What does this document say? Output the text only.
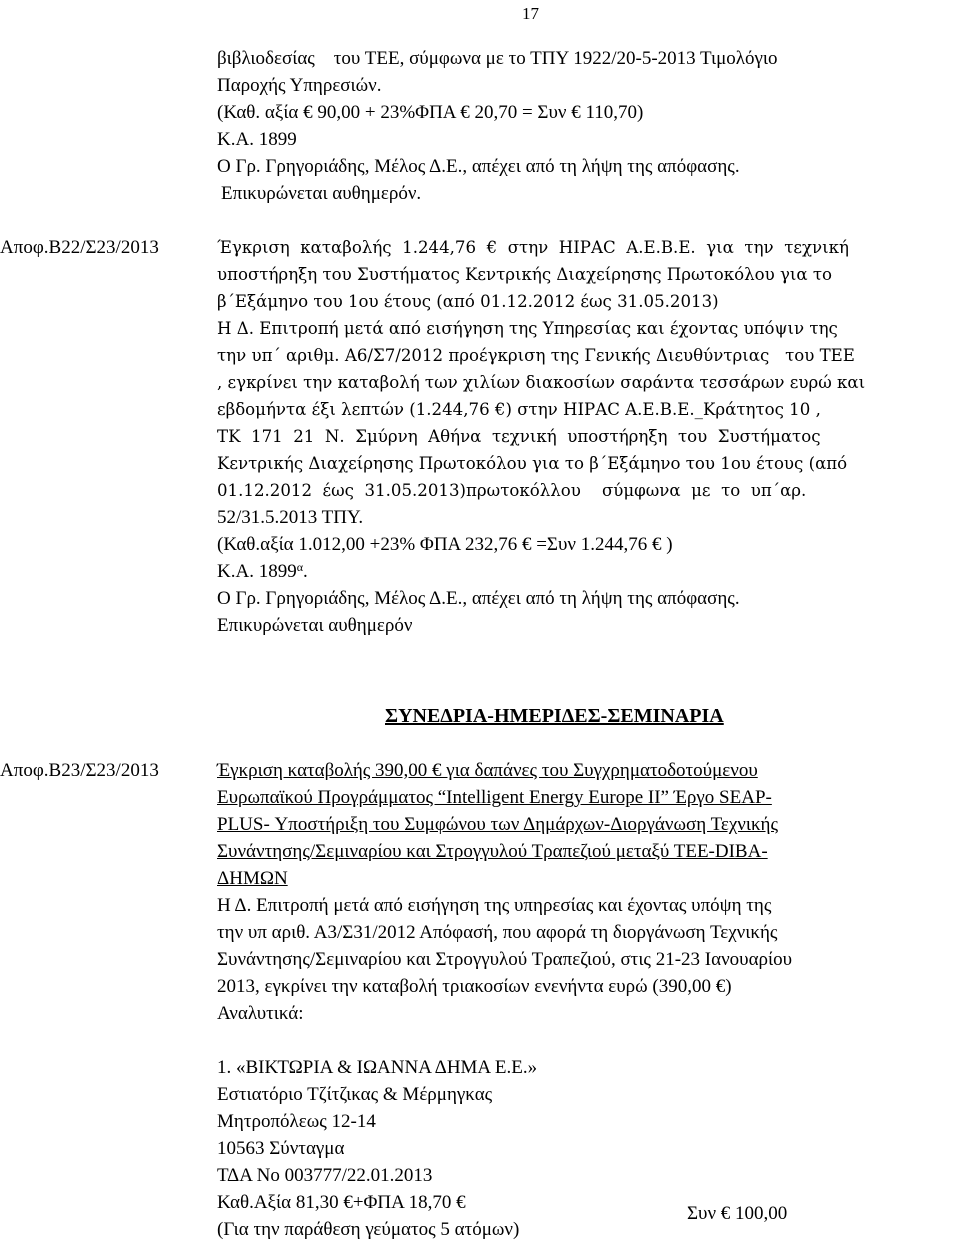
17
βιβλιοδεσίας    του ΤΕΕ, σύμφωνα με το ΤΠΥ 1922/20-5-2013 Τιμολόγιο
Παροχής Υπηρεσιών.
(Καθ. αξία € 90,00 + 23%ΦΠΑ € 20,70 = Συν € 110,70)
Κ.Α. 1899
Ο Γρ. Γρηγοριάδης, Μέλος Δ.Ε., απέχει από τη λήψη της απόφασης.
Επικυρώνεται αυθημερόν.
Αποφ.Β22/Σ23/2013	Έγκριση  καταβολής  1.244,76  €  στην  ΗΙΡΑC  Α.Ε.Β.Ε.  για  την  τεχνική
υποστήρηξη του Συστήματος Κεντρικής Διαχείρησης Πρωτοκόλου για το
β΄Εξάμηνο του 1ου έτους (από 01.12.2012 έως 31.05.2013)
Η Δ. Επιτροπή μετά από εισήγηση της Υπηρεσίας και έχοντας υπόψιν της
την υπ΄ αριθμ. Α6/Σ7/2012 προέγκριση της Γενικής Διευθύντριας   του ΤΕΕ
, εγκρίνει την καταβολή των χιλίων διακοσίων σαράντα τεσσάρων ευρώ και
εβδομήντα έξι λεπτών (1.244,76 €) στην ΗΙΡΑC Α.Ε.Β.Ε._Κράτητος 10 ,
ΤΚ  171  21  Ν.  Σμύρνη  Αθήνα  τεχνική  υποστήρηξη  του  Συστήματος
Κεντρικής Διαχείρησης Πρωτοκόλου για το β΄Εξάμηνο του 1ου έτους (από
01.12.2012  έως  31.05.2013)πρωτοκόλλου    σύμφωνα  με  το  υπ΄αρ.
52/31.5.2013 ΤΠΥ.
(Καθ.αξία 1.012,00 +23% ΦΠΑ 232,76 € =Συν 1.244,76 € )
Κ.Α. $1899^\alpha$.
Ο Γρ. Γρηγοριάδης, Μέλος Δ.Ε., απέχει από τη λήψη της απόφασης.
Επικυρώνεται αυθημερόν
ΣΥΝΕΔΡΙΑ-ΗΜΕΡΙΔΕΣ-ΣΕΜΙΝΑΡΙΑ
Αποφ.Β23/Σ23/2013	Έγκριση καταβολής 390,00 € για δαπάνες του Συγχρηματοδοτούμενου
Ευρωπαϊκού Προγράμματος “Intelligent Energy Europe II” Έργο SEAP-
PLUS- Υποστήριξη του Συμφώνου των Δημάρχων-Διοργάνωση Τεχνικής
Συνάντησης/Σεμιναρίου και Στρογγυλού Τραπεζιού μεταξύ ΤΕΕ-DIBA-
ΔΗΜΩΝ
Η Δ. Επιτροπή μετά από εισήγηση της υπηρεσίας και έχοντας υπόψη της
την υπ αριθ. Α3/Σ31/2012 Απόφασή, που αφορά τη διοργάνωση Τεχνικής
Συνάντησης/Σεμιναρίου και Στρογγυλού Τραπεζιού, στις 21-23 Ιανουαρίου
2013, εγκρίνει την καταβολή τριακοσίων ενενήντα ευρώ (390,00 €)
Αναλυτικά:
1. «ΒΙΚΤΩΡΙΑ & ΙΩΑΝΝΑ ΔΗΜΑ Ε.Ε.»
Εστιατόριο Τζίτζικας & Μέρμηγκας
Μητροπόλεως 12-14
10563 Σύνταγμα
ΤΔΑ Νο 003777/22.01.2013
Καθ.Αξία 81,30 €+ΦΠΑ 18,70 €
(Για την παράθεση γεύματος 5 ατόμων)
Συν € 100,00
